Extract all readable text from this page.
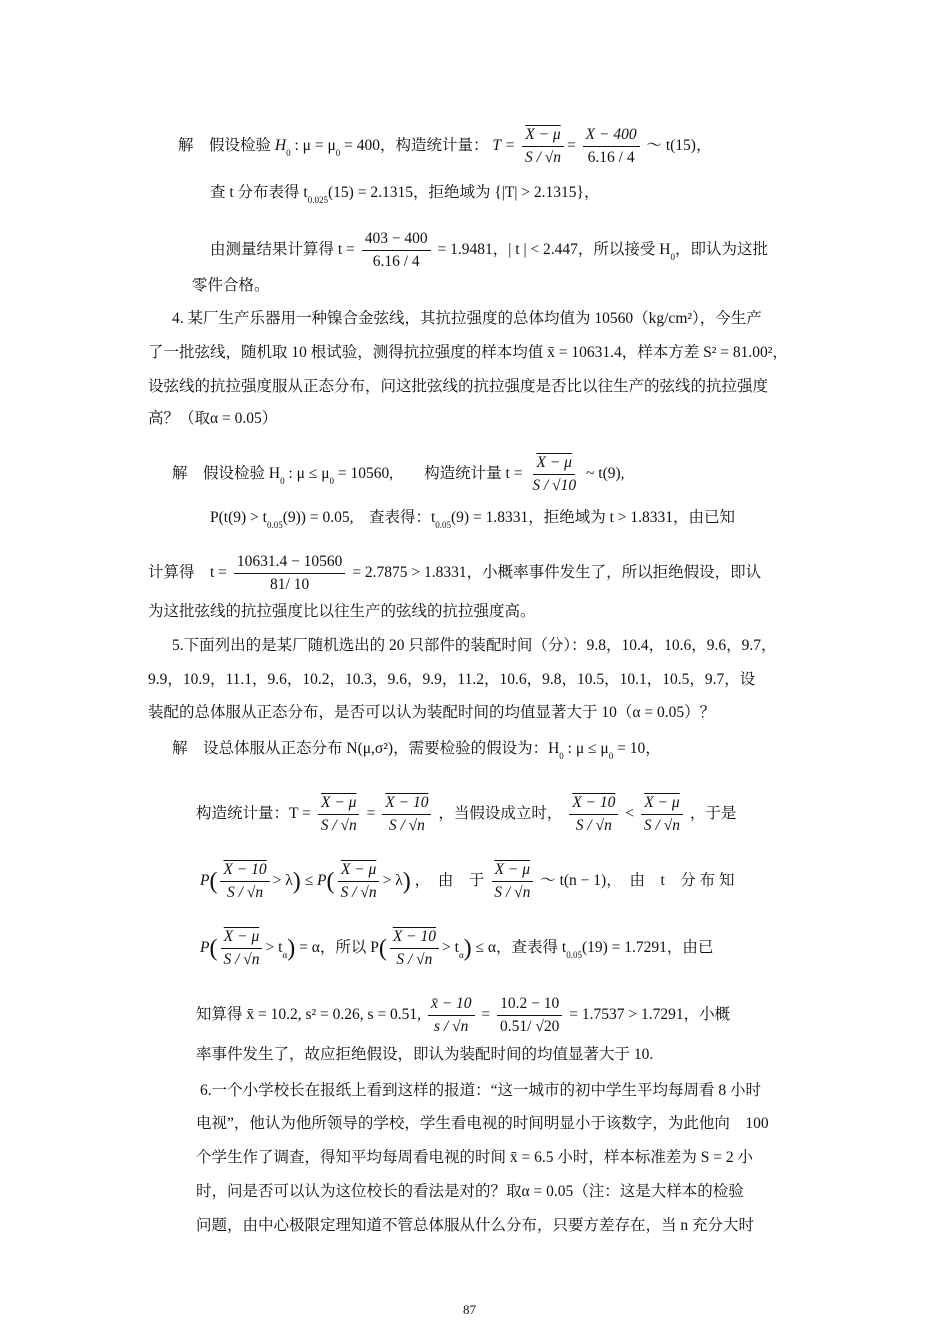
解　假设检验 $H_0$ : $\mu = \mu_0 = 400$，构造统计量： $T = \frac{X - \mu}{S / √n} = \frac{X - 400}{6.16 / 4}$ ～ t(15)，
查 t 分布表得 $t_{0.025}(15) = 2.1315$，拒绝域为 {|T| > 2.1315}，
由测量结果计算得 $t = \frac{403 - 400}{6.16 / 4} = 1.9481$，| t | < 2.447，所以接受 $H_0$，即认为这批
零件合格。
4. 某厂生产乐器用一种镍合金弦线，其抗拉强度的总体均值为 10560（kg/cm²），今生产
了一批弦线，随机取 10 根试验，测得抗拉强度的样本均值 x̄ = 10631.4，样本方差 S² = 81.00²，
设弦线的抗拉强度服从正态分布，问这批弦线的抗拉强度是否比以往生产的弦线的抗拉强度
高？（取α = 0.05）
解　假设检验 $H_0$ : $\mu \le \mu_0 = 10560$,　　构造统计量 $t = \frac{X - \mu}{S / √10}$ ~ t(9),
$P(t(9) > t_{0.05}(9)) = 0.05$,　查表得：$t_{0.05}(9) = 1.8331$，拒绝域为 t > 1.8331，由已知
计算得　$t = \frac{10631.4 - 10560}{81/ 10} = 2.7875 > 1.8331$，小概率事件发生了，所以拒绝假设，即认
为这批弦线的抗拉强度比以往生产的弦线的抗拉强度高。
5.下面列出的是某厂随机选出的 20 只部件的装配时间（分）：9.8，10.4，10.6，9.6，9.7，
9.9，10.9，11.1，9.6，10.2，10.3，9.6，9.9，11.2，10.6，9.8，10.5，10.1，10.5，9.7，设
装配的总体服从正态分布，是否可以认为装配时间的均值显著大于 10（α = 0.05）？
解　设总体服从正态分布 N(μ,σ²)，需要检验的假设为：$H_0$ : $\mu \le \mu_0 = 10$，
构造统计量：$T = \frac{X - \mu}{S / √n} = \frac{X - 10}{S / √n}$ ，当假设成立时， $\frac{X - 10}{S / √n} < \frac{X - \mu}{S / √n}$ ，于是
$P( \frac{X - 10}{S / √n} > \lambda) \le P( \frac{X - \mu}{S / √n} > \lambda)$ ，　由　于 $\frac{X - \mu}{S / √n}$ ～ t(n − 1)，　由　t　分 布 知
$P( \frac{X - \mu}{S / √n} > t_\alpha) = \alpha$，所以 $P( \frac{X - 10}{S / √n} > t_\alpha) \le \alpha$，查表得 $t_{0.05}(19) = 1.7291$，由已
知算得 x̄ = 10.2, s² = 0.26, s = 0.51, $\frac{x̄ - 10}{s / √n} = \frac{10.2 - 10}{0.51/ √20} = 1.7537 > 1.7291$，小概
率事件发生了，故应拒绝假设，即认为装配时间的均值显著大于 10.
6.一个小学校长在报纸上看到这样的报道：“这一城市的初中学生平均每周看 8 小时
电视”，他认为他所领导的学校，学生看电视的时间明显小于该数字，为此他向　100
个学生作了调查，得知平均每周看电视的时间 x̄ = 6.5 小时，样本标准差为 S = 2 小
时，问是否可以认为这位校长的看法是对的？取α = 0.05（注：这是大样本的检验
问题，由中心极限定理知道不管总体服从什么分布，只要方差存在，当 n 充分大时
87
